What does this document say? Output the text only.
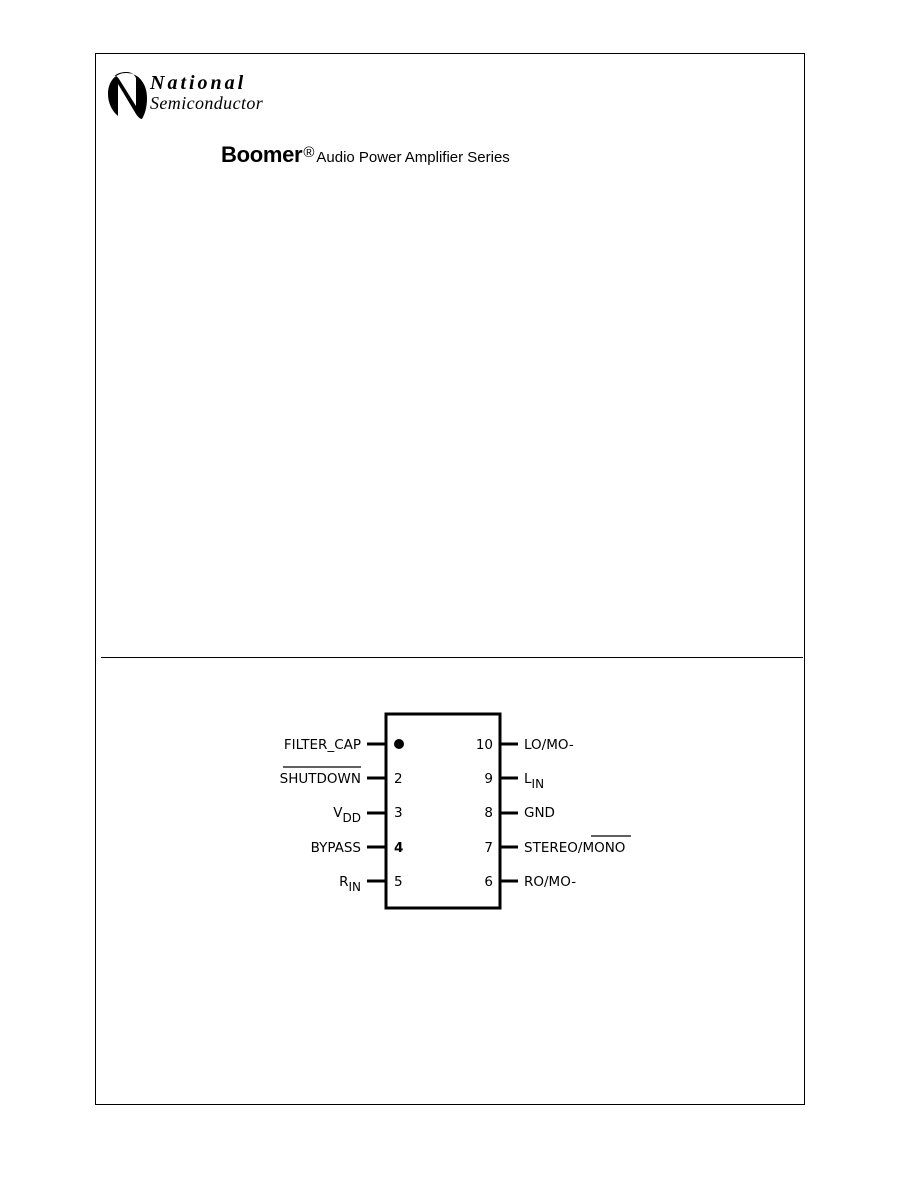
National
Semiconductor
Boomer® Audio Power Amplifier Series
FILTER_CAP
SHUTDOWN 2
VDD 3
BYPASS 4
RIN 5
10
9
8
7
6
LO/MO-
LIN
GND
STEREO/MONO
RO/MO-
